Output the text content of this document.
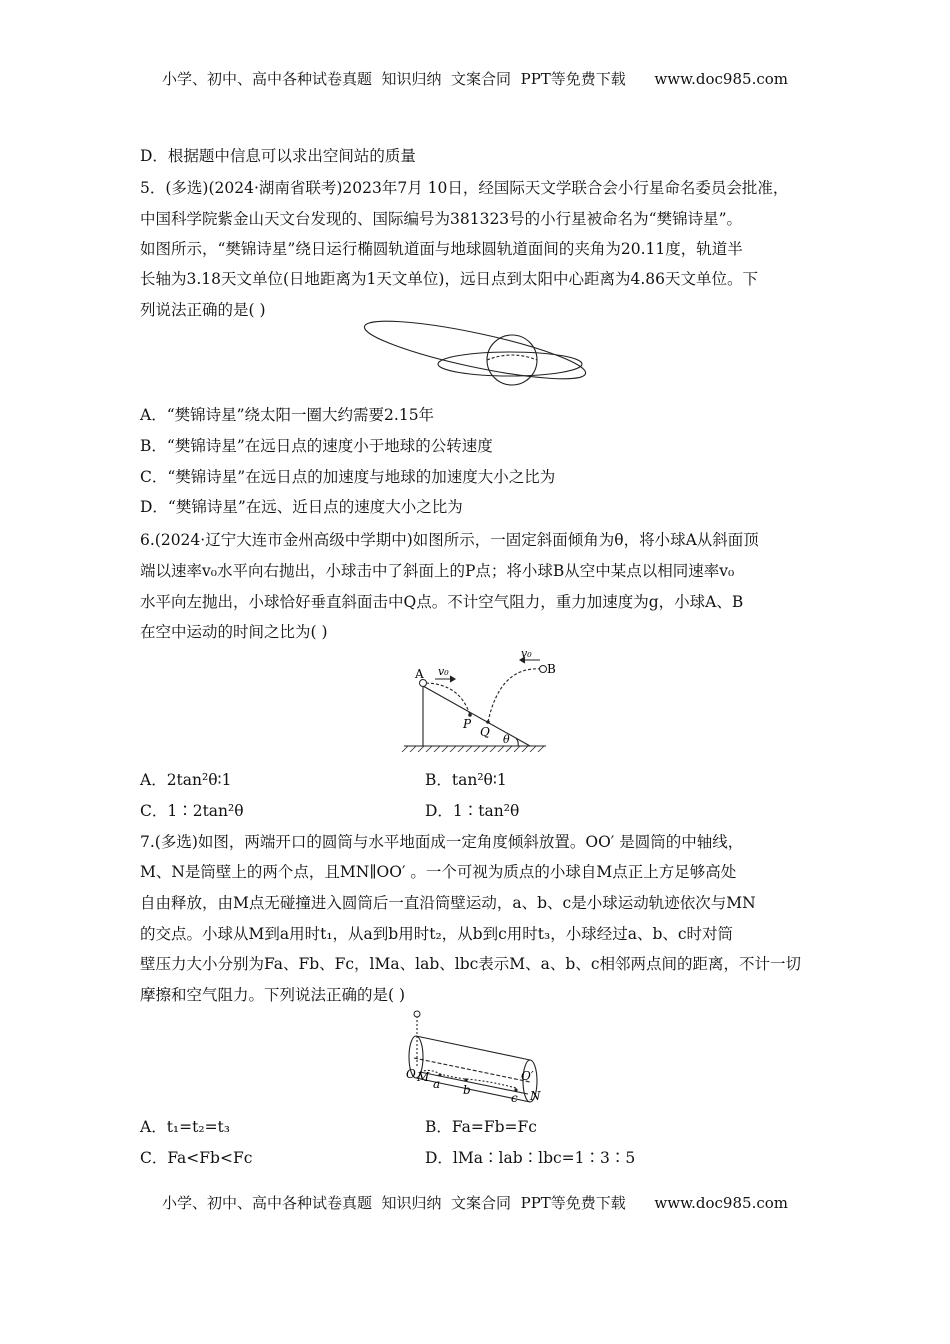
小学、初中、高中各种试卷真题  知识归纳  文案合同  PPT等免费下载      www.doc985.com
D．根据题中信息可以求出空间站的质量
5．(多选)(2024·湖南省联考)2023年7月 10日，经国际天文学联合会小行星命名委员会批准，
中国科学院紫金山天文台发现的、国际编号为381323号的小行星被命名为“樊锦诗星”。
如图所示，“樊锦诗星”绕日运行椭圆轨道面与地球圆轨道面间的夹角为20.11度，轨道半
长轴为3.18天文单位(日地距离为1天文单位)，远日点到太阳中心距离为4.86天文单位。下
列说法正确的是( )
A．“樊锦诗星”绕太阳一圈大约需要2.15年
B．“樊锦诗星”在远日点的速度小于地球的公转速度
C．“樊锦诗星”在远日点的加速度与地球的加速度大小之比为
D．“樊锦诗星”在远、近日点的速度大小之比为
6.(2024·辽宁大连市金州高级中学期中)如图所示，一固定斜面倾角为θ，将小球A从斜面顶
端以速率v₀水平向右抛出，小球击中了斜面上的P点；将小球B从空中某点以相同速率v₀
水平向左抛出，小球恰好垂直斜面击中Q点。不计空气阻力，重力加速度为g，小球A、B
在空中运动的时间之比为( )
A	B
v₀
v₀
P
Q
θ
A．2tan²θ∶1	B．tan²θ∶1
C．1∶2tan²θ	D．1∶tan²θ
7.(多选)如图，两端开口的圆筒与水平地面成一定角度倾斜放置。OO′ 是圆筒的中轴线，
M、N是筒壁上的两个点，且MN∥OO′ 。一个可视为质点的小球自M点正上方足够高处
自由释放，由M点无碰撞进入圆筒后一直沿筒壁运动，a、b、c是小球运动轨迹依次与MN
的交点。小球从M到a用时t₁，从a到b用时t₂，从b到c用时t₃，小球经过a、b、c时对筒
壁压力大小分别为Fa、Fb、Fc，lMa、lab、lbc表示M、a、b、c相邻两点间的距离，不计一切
摩擦和空气阻力。下列说法正确的是( )
O M a b
c
O′
N
A．t₁=t₂=t₃	B．Fa=Fb=Fc
C．Fa<Fb<Fc	D．lMa∶lab∶lbc=1∶3∶5
小学、初中、高中各种试卷真题  知识归纳  文案合同  PPT等免费下载      www.doc985.com
